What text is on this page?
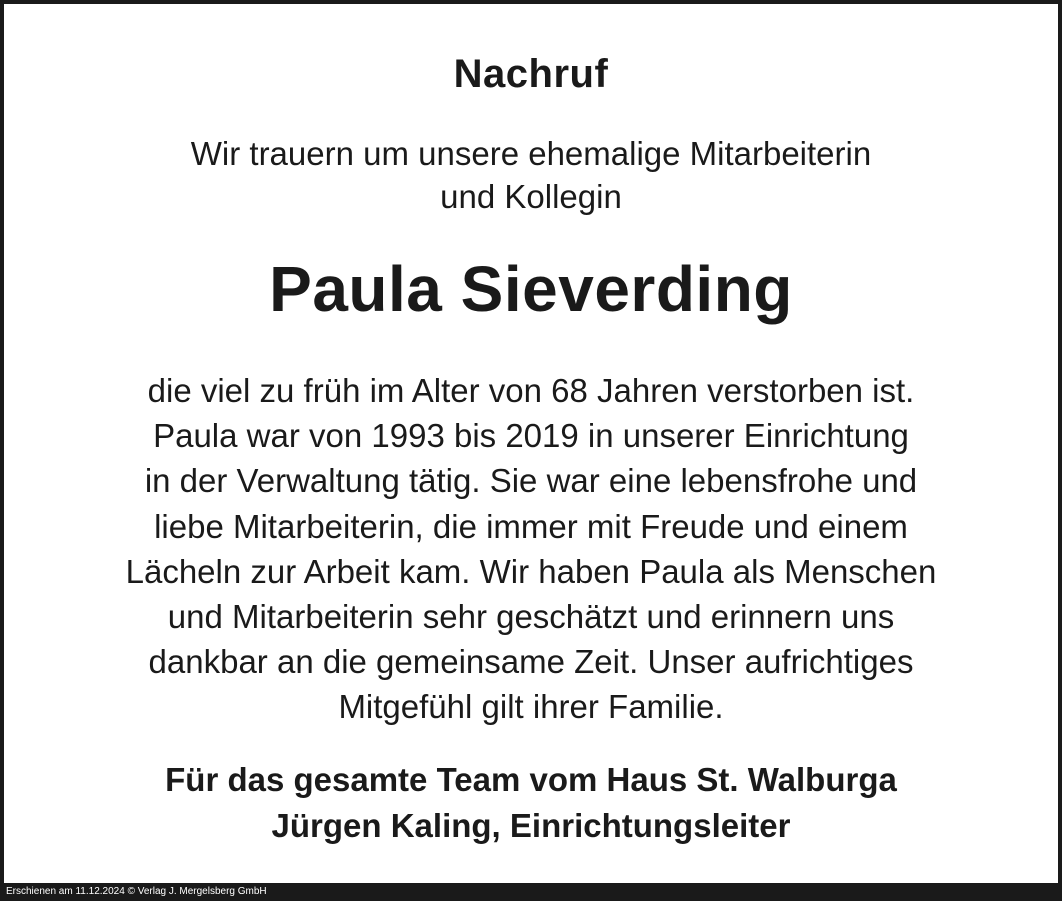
Nachruf
Wir trauern um unsere ehemalige Mitarbeiterin
und Kollegin
Paula Sieverding
die viel zu früh im Alter von 68 Jahren verstorben ist.
Paula war von 1993 bis 2019 in unserer Einrichtung
in der Verwaltung tätig. Sie war eine lebensfrohe und
liebe Mitarbeiterin, die immer mit Freude und einem
Lächeln zur Arbeit kam. Wir haben Paula als Menschen
und Mitarbeiterin sehr geschätzt und erinnern uns
dankbar an die gemeinsame Zeit. Unser aufrichtiges
Mitgefühl gilt ihrer Familie.
Für das gesamte Team vom Haus St. Walburga
Jürgen Kaling, Einrichtungsleiter
Erschienen am 11.12.2024 © Verlag J. Mergelsberg GmbH
